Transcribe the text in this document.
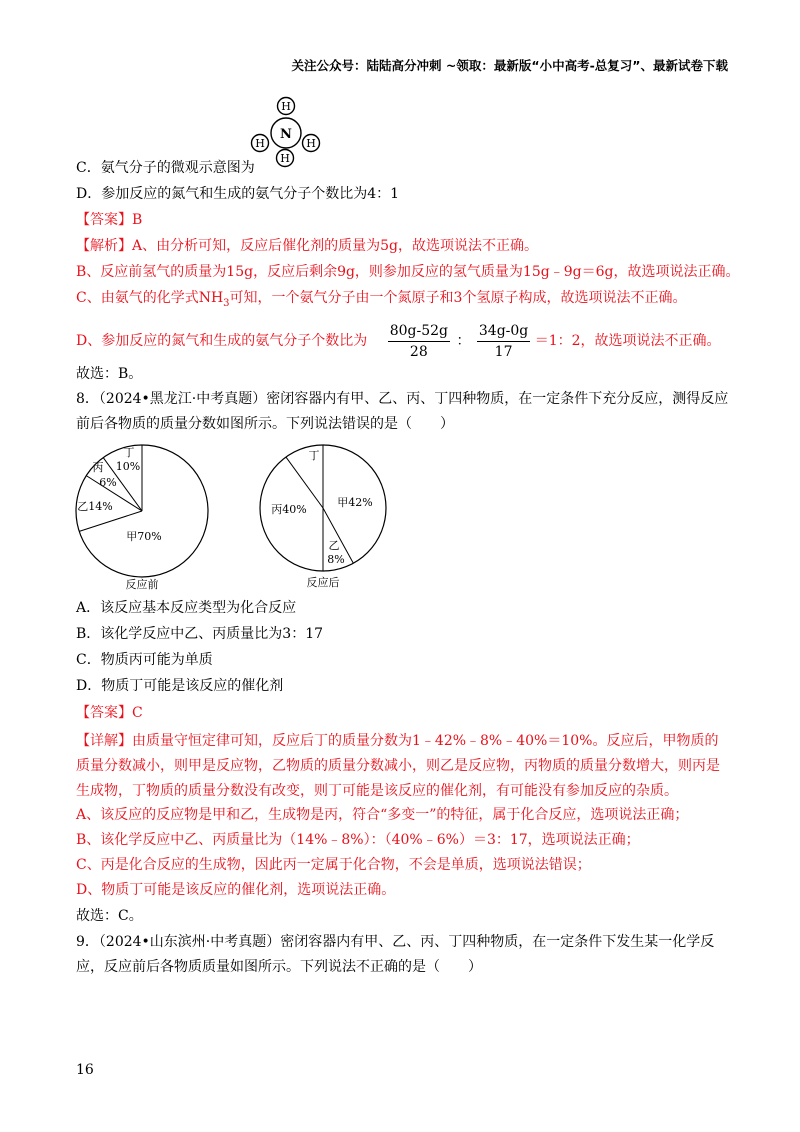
关注公众号：陆陆高分冲刺 ~领取：最新版“小中高考-总复习”、最新试卷下载
N
H
H	H
H
C．氨气分子的微观示意图为
D．参加反应的氮气和生成的氨气分子个数比为4：1
【答案】B
【解析】A、由分析可知，反应后催化剂的质量为5g，故选项说法不正确。
B、反应前氢气的质量为15g，反应后剩余9g，则参加反应的氢气质量为15g﹣9g＝6g，故选项说法正确。
C、由氨气的化学式$NH_3$可知，一个氨气分子由一个氮原子和3个氢原子构成，故选项说法不正确。
D、参加反应的氮气和生成的氨气分子个数比为 $\frac{80g-52g}{28}$ ： $\frac{34g-0g}{17} =1$：2，故选项说法不正确。
故选：B。
8．（2024•黑龙江·中考真题）密闭容器内有甲、乙、丙、丁四种物质，在一定条件下充分反应，测得反应
前后各物质的质量分数如图所示。下列说法错误的是（　　）
甲70%
乙14%
丙
6%
丁
10%
反应前
甲42%
丙40%
乙
8%
丁
反应后
A．该反应基本反应类型为化合反应
B．该化学反应中乙、丙质量比为3：17
C．物质丙可能为单质
D．物质丁可能是该反应的催化剂
【答案】C
【详解】由质量守恒定律可知，反应后丁的质量分数为1﹣42%﹣8%﹣40%＝10%。反应后，甲物质的质量分数减小，则甲是反应物，乙物质的质量分数减小，则乙是反应物，丙物质的质量分数增大，则丙是生成物，丁物质的质量分数没有改变，则丁可能是该反应的催化剂，有可能没有参加反应的杂质。
A、该反应的反应物是甲和乙，生成物是丙，符合“多变一”的特征，属于化合反应，选项说法正确；
B、该化学反应中乙、丙质量比为（14%﹣8%）：（40%﹣6%）＝3：17，选项说法正确；
C、丙是化合反应的生成物，因此丙一定属于化合物，不会是单质，选项说法错误；
D、物质丁可能是该反应的催化剂，选项说法正确。
故选：C。
9．（2024•山东滨州·中考真题）密闭容器内有甲、乙、丙、丁四种物质，在一定条件下发生某一化学反
应，反应前后各物质质量如图所示。下列说法不正确的是（　　）
16
